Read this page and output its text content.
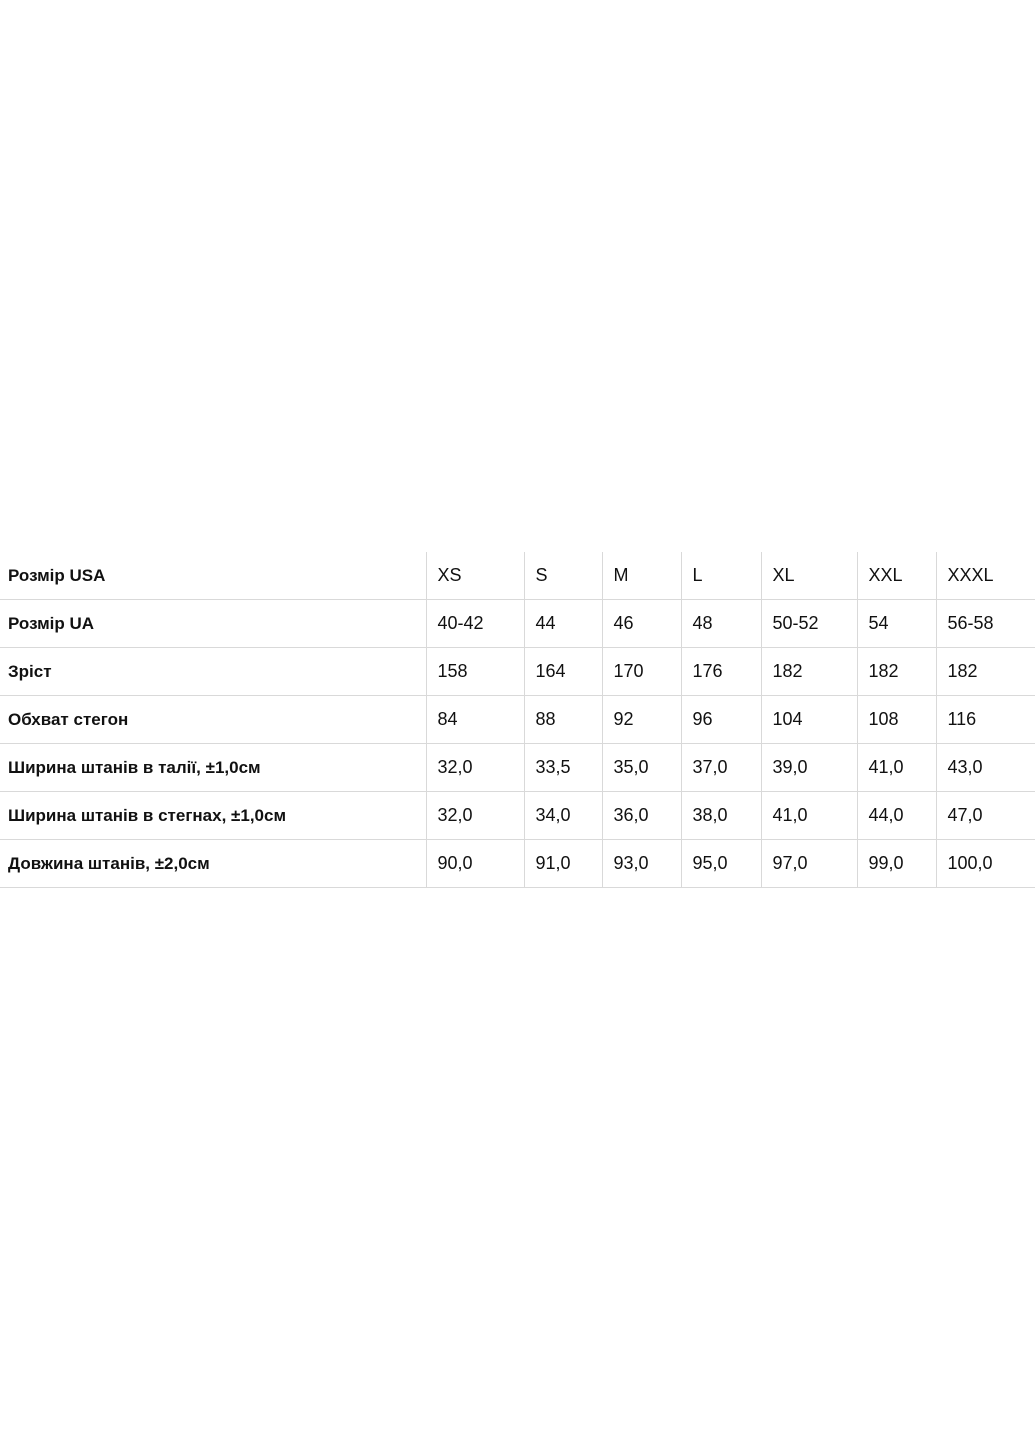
Розмір USA	XS	S	M	L	XL	XXL	XXXL
Розмір UA	40-42	44	46	48	50-52	54	56-58
Зріст	158	164	170	176	182	182	182
Обхват стегон	84	88	92	96	104	108	116
Ширина штанів в талії, ±1,0см	32,0	33,5	35,0	37,0	39,0	41,0	43,0
Ширина штанів в стегнах, ±1,0см	32,0	34,0	36,0	38,0	41,0	44,0	47,0
Довжина штанів, ±2,0см	90,0	91,0	93,0	95,0	97,0	99,0	100,0
